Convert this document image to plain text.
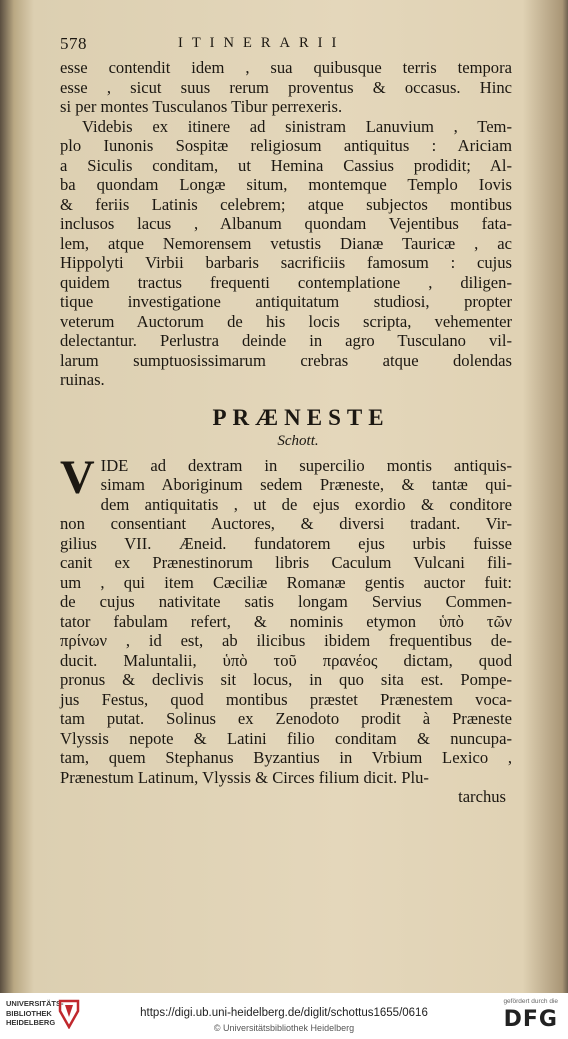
578	ITINERARII
esse contendit idem , sua quibusque terris tempora
esse , sicut suus rerum proventus & occasus. Hinc
si per montes Tusculanos Tibur perrexeris.
Videbis ex itinere ad sinistram Lanuvium , Tem-
plo Iunonis Sospitæ religiosum antiquitus : Ariciam
a Siculis conditam, ut Hemina Cassius prodidit; Al-
ba quondam Longæ situm, montemque Templo Iovis
& feriis Latinis celebrem; atque subjectos montibus
inclusos lacus , Albanum quondam Vejentibus fata-
lem, atque Nemorensem vetustis Dianæ Tauricæ , ac
Hippolyti Virbii barbaris sacrificiis famosum : cujus
quidem tractus frequenti contemplatione , diligen-
tique investigatione antiquitatum studiosi, propter
veterum Auctorum de his locis scripta, vehementer
delectantur. Perlustra deinde in agro Tusculano vil-
larum sumptuosissimarum crebras atque dolendas
ruinas.
PRÆNESTE
Schott.
V IDE ad dextram in supercilio montis antiquis-
simam Aboriginum sedem Præneste, & tantæ qui-
dem antiquitatis , ut de ejus exordio & conditore
non consentiant Auctores, & diversi tradant. Vir-
gilius VII. Æneid. fundatorem ejus urbis fuisse
canit ex Prænestinorum libris Caculum Vulcani fili-
um , qui item Cæciliæ Romanæ gentis auctor fuit:
de cujus nativitate satis longam Servius Commen-
tator fabulam refert, & nominis etymon ὑπὸ τῶν
πρίνων , id est, ab ilicibus ibidem frequentibus de-
ducit. Maluntalii, ὑπὸ τοῦ πρανέος dictam, quod
pronus & declivis sit locus, in quo sita est. Pompe-
jus Festus, quod montibus præstet Prænestem voca-
tam putat. Solinus ex Zenodoto prodit à Præneste
Vlyssis nepote & Latini filio conditam & nuncupa-
tam, quem Stephanus Byzantius in Vrbium Lexico ,
Prænestum Latinum, Vlyssis & Circes filium dicit. Plu-
tarchus
UNIVERSITÄTS-BIBLIOTHEK HEIDELBERG
https://digi.ub.uni-heidelberg.de/diglit/schottus1655/0616
© Universitätsbibliothek Heidelberg
gefördert durch die
DFG
